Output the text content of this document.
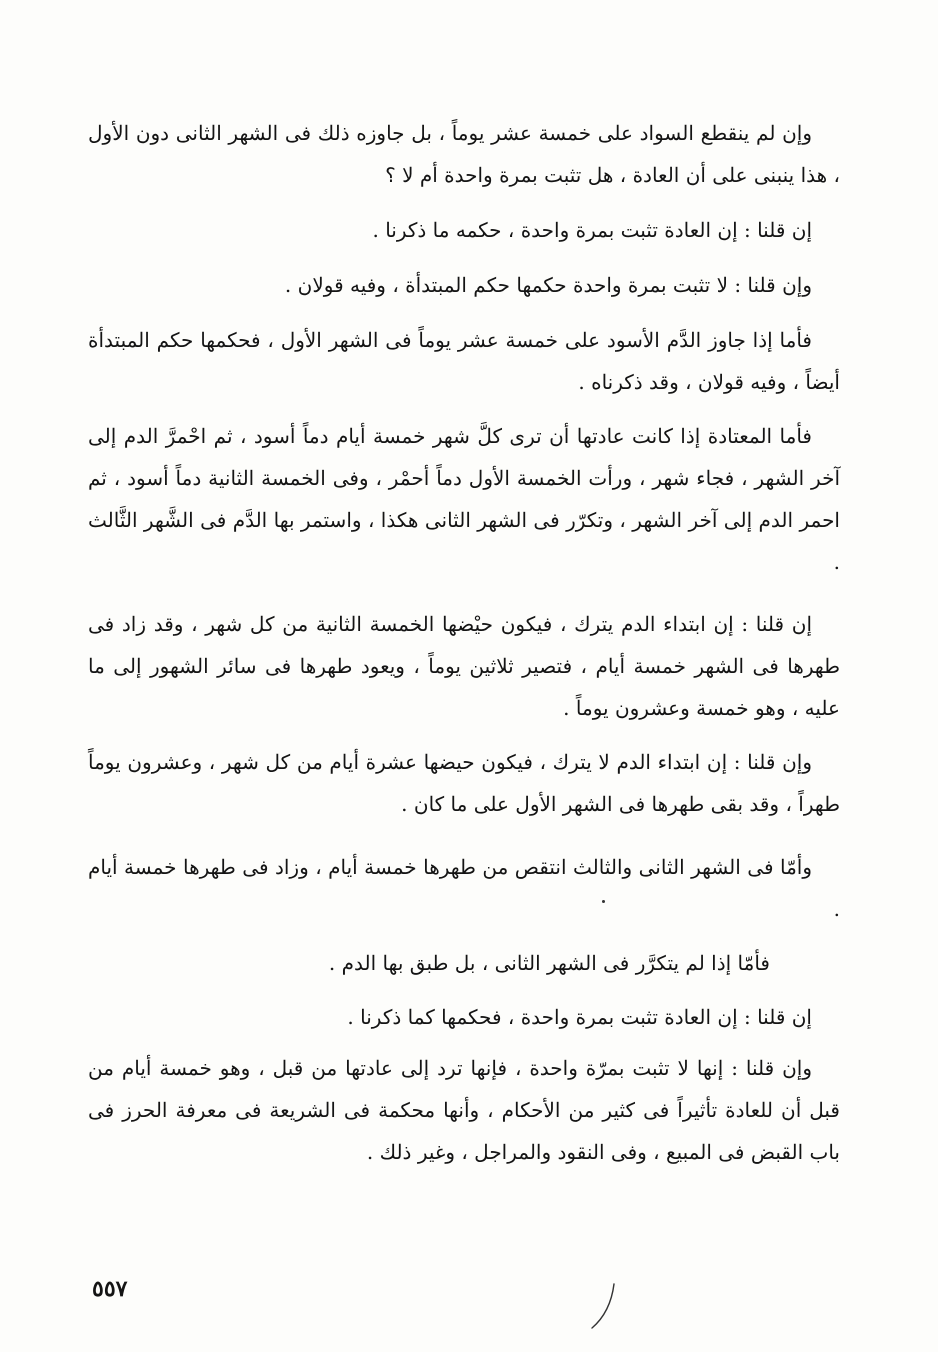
وإن لم ينقطع السواد على خمسة عشر يوماً ، بل جاوزه ذلك فى الشهر الثانى دون الأول ، هذا ينبنى على أن العادة ، هل تثبت بمرة واحدة أم لا ؟

إن قلنا : إن العادة تثبت بمرة واحدة ، حكمه ما ذكرنا .

وإن قلنا : لا تثبت بمرة واحدة حكمها حكم المبتدأة ، وفيه قولان .

فأما إذا جاوز الدَّم الأسود على خمسة عشر يوماً فى الشهر الأول ، فحكمها حكم المبتدأة أيضاً ، وفيه قولان ، وقد ذكرناه .

فأما المعتادة إذا كانت عادتها أن ترى كلَّ شهر خمسة أيام دماً أسود ، ثم احْمرَّ الدم إلى آخر الشهر ، فجاء شهر ، ورأت الخمسة الأول دماً أحمْر ، وفى الخمسة الثانية دماً أسود ، ثم احمر الدم إلى آخر الشهر ، وتكرّر فى الشهر الثانى هكذا ، واستمر بها الدَّم فى الشَّهر الثَّالث .

إن قلنا : إن ابتداء الدم يترك ، فيكون حيْضها الخمسة الثانية من كل شهر ، وقد زاد فى طهرها فى الشهر خمسة أيام ، فتصير ثلاثين يوماً ، ويعود طهرها فى سائر الشهور إلى ما عليه ، وهو خمسة وعشرون يوماً .

وإن قلنا : إن ابتداء الدم لا يترك ، فيكون حيضها عشرة أيام من كل شهر ، وعشرون يوماً طهراً ، وقد بقى طهرها فى الشهر الأول على ما كان .

وأمّا فى الشهر الثانى والثالث انتقص من طهرها خمسة أيام ، وزاد فى طهرها خمسة أيام .

فأمّا إذا لم يتكرَّر فى الشهر الثانى ، بل طبق بها الدم .

إن قلنا : إن العادة تثبت بمرة واحدة ، فحكمها كما ذكرنا .

وإن قلنا : إنها لا تثبت بمرّة واحدة ، فإنها ترد إلى عادتها من قبل ، وهو خمسة أيام من قبل أن للعادة تأثيراً فى كثير من الأحكام ، وأنها محكمة فى الشريعة فى معرفة الحرز فى باب القبض فى المبيع ، وفى النقود والمراجل ، وغير ذلك .

٥٥٧
